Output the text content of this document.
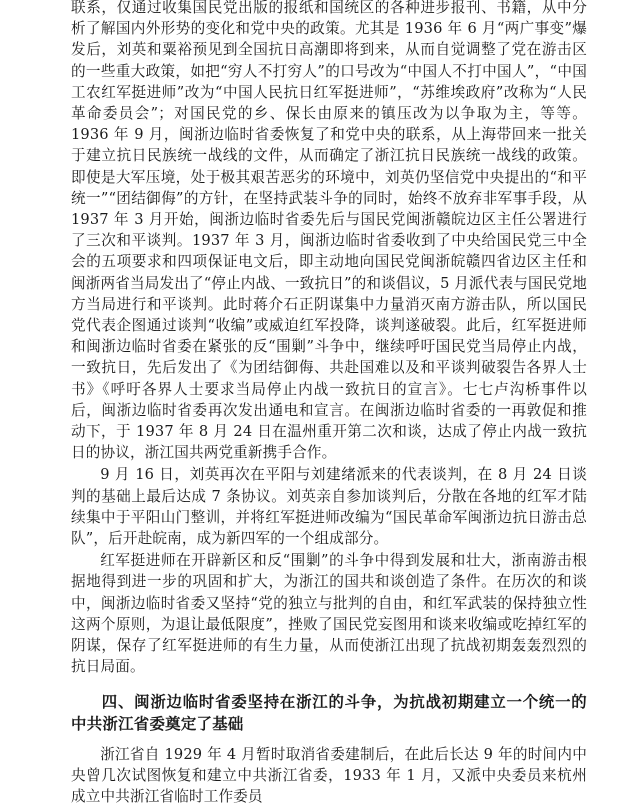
联系，仅通过收集国民党出版的报纸和国统区的各种进步报刊、书籍，从中分析了解国内外形势的变化和党中央的政策。尤其是 1936 年 6 月“两广事变”爆发后，刘英和粟裕预见到全国抗日高潮即将到来，从而自觉调整了党在游击区的一些重大政策，如把“穷人不打穷人”的口号改为“中国人不打中国人”，“中国工农红军挺进师”改为“中国人民抗日红军挺进师”，“苏维埃政府”改称为“人民革命委员会”；对国民党的乡、保长由原来的镇压改为以争取为主，等等。1936 年 9 月，闽浙边临时省委恢复了和党中央的联系，从上海带回来一批关于建立抗日民族统一战线的文件，从而确定了浙江抗日民族统一战线的政策。即使是大军压境，处于极其艰苦恶劣的环境中，刘英仍坚信党中央提出的“和平统一”“团结御侮”的方针，在坚持武装斗争的同时，始终不放弃非军事手段，从1937 年 3 月开始，闽浙边临时省委先后与国民党闽浙赣皖边区主任公署进行了三次和平谈判。1937 年 3 月，闽浙边临时省委收到了中央给国民党三中全会的五项要求和四项保证电文后，即主动地向国民党闽浙皖赣四省边区主任和闽浙两省当局发出了“停止内战、一致抗日”的和谈倡议，5 月派代表与国民党地方当局进行和平谈判。此时蒋介石正阴谋集中力量消灭南方游击队，所以国民党代表企图通过谈判“收编”或威迫红军投降，谈判遂破裂。此后，红军挺进师和闽浙边临时省委在紧张的反“围剿”斗争中，继续呼吁国民党当局停止内战，一致抗日，先后发出了《为团结御侮、共赴国难以及和平谈判破裂告各界人士书》《呼吁各界人士要求当局停止内战一致抗日的宣言》。七七卢沟桥事件以后，闽浙边临时省委再次发出通电和宣言。在闽浙边临时省委的一再敦促和推动下，于 1937 年 8 月 24 日在温州重开第二次和谈，达成了停止内战一致抗日的协议，浙江国共两党重新携手合作。

9 月 16 日，刘英再次在平阳与刘建绪派来的代表谈判，在 8 月 24 日谈判的基础上最后达成 7 条协议。刘英亲自参加谈判后，分散在各地的红军才陆续集中于平阳山门整训，并将红军挺进师改编为“国民革命军闽浙边抗日游击总队”，后开赴皖南，成为新四军的一个组成部分。

红军挺进师在开辟新区和反“围剿”的斗争中得到发展和壮大，浙南游击根据地得到进一步的巩固和扩大，为浙江的国共和谈创造了条件。在历次的和谈中，闽浙边临时省委又坚持“党的独立与批判的自由，和红军武装的保持独立性这两个原则，为退让最低限度”，挫败了国民党妄图用和谈来收编或吃掉红军的阴谋，保存了红军挺进师的有生力量，从而使浙江出现了抗战初期轰轰烈烈的抗日局面。

四、闽浙边临时省委坚持在浙江的斗争，为抗战初期建立一个统一的中共浙江省委奠定了基础

浙江省自 1929 年 4 月暂时取消省委建制后，在此后长达 9 年的时间内中央曾几次试图恢复和建立中共浙江省委，1933 年 1 月，又派中央委员来杭州成立中共浙江省临时工作委员
